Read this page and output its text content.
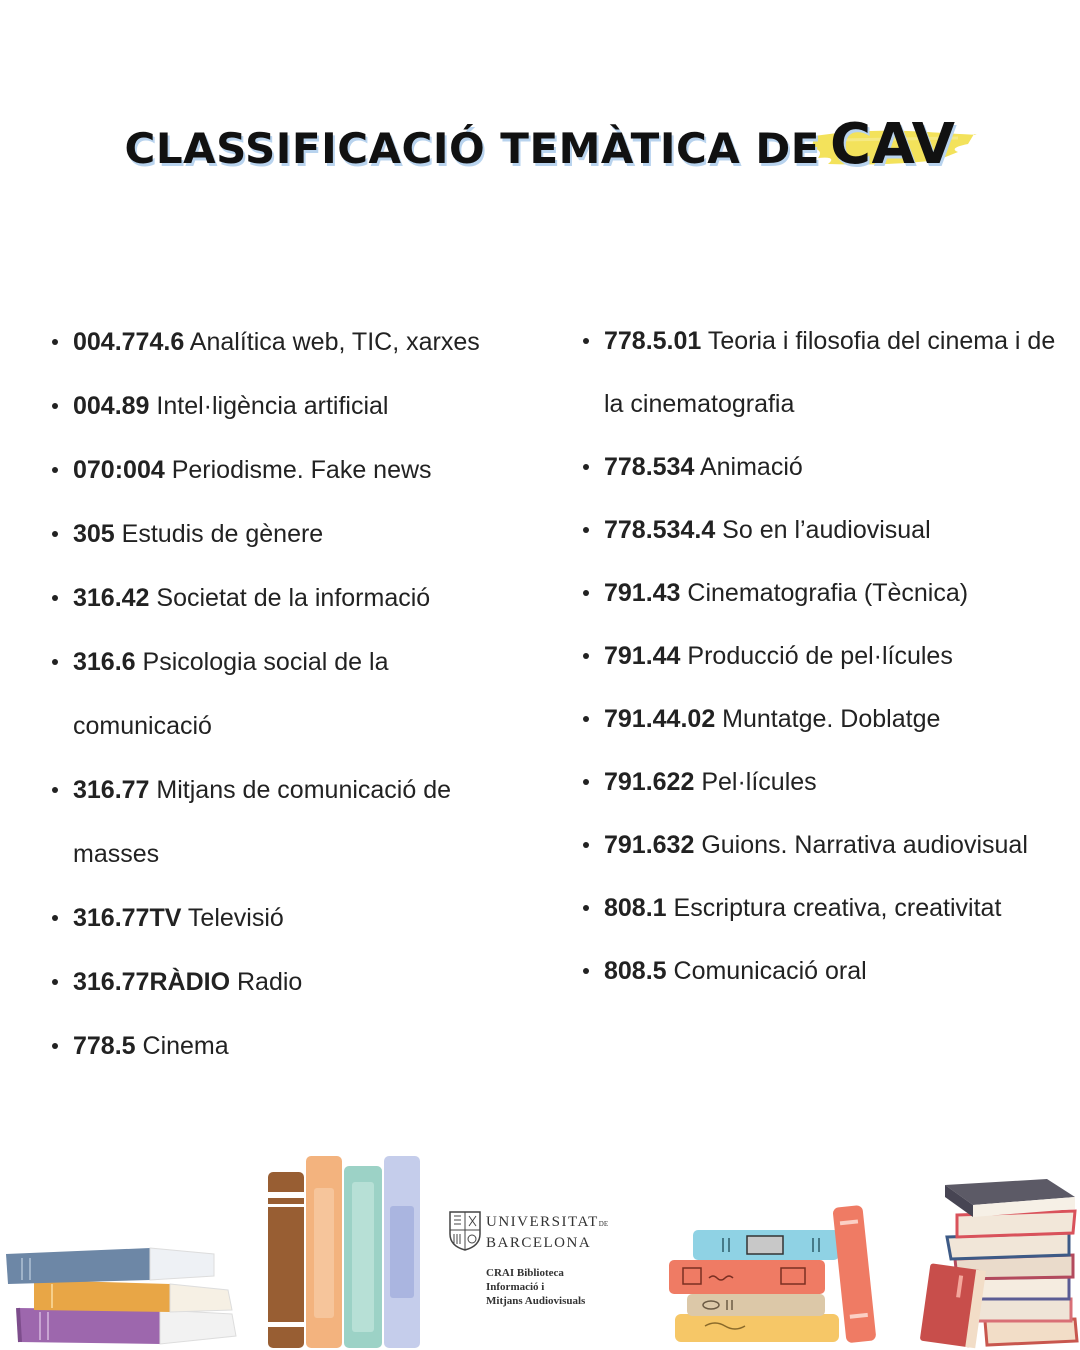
CLASSIFICACIÓ TEMÀTICA DE CAV
004.774.6 Analítica web, TIC, xarxes
004.89 Intel·ligència artificial
070:004 Periodisme. Fake news
305 Estudis de gènere
316.42 Societat de la informació
316.6 Psicologia social de la comunicació
316.77 Mitjans de comunicació de masses
316.77TV Televisió
316.77RÀDIO Radio
778.5 Cinema
778.5.01 Teoria i filosofia del cinema i de la cinematografia
778.534 Animació
778.534.4 So en l’audiovisual
791.43 Cinematografia (Tècnica)
791.44 Producció de pel·lícules
791.44.02 Muntatge. Doblatge
791.622 Pel·lícules
791.632 Guions. Narrativa audiovisual
808.1 Escriptura creativa, creativitat
808.5 Comunicació oral
UNIVERSITATDE
BARCELONA
CRAI Biblioteca
Informació i
Mitjans Audiovisuals
